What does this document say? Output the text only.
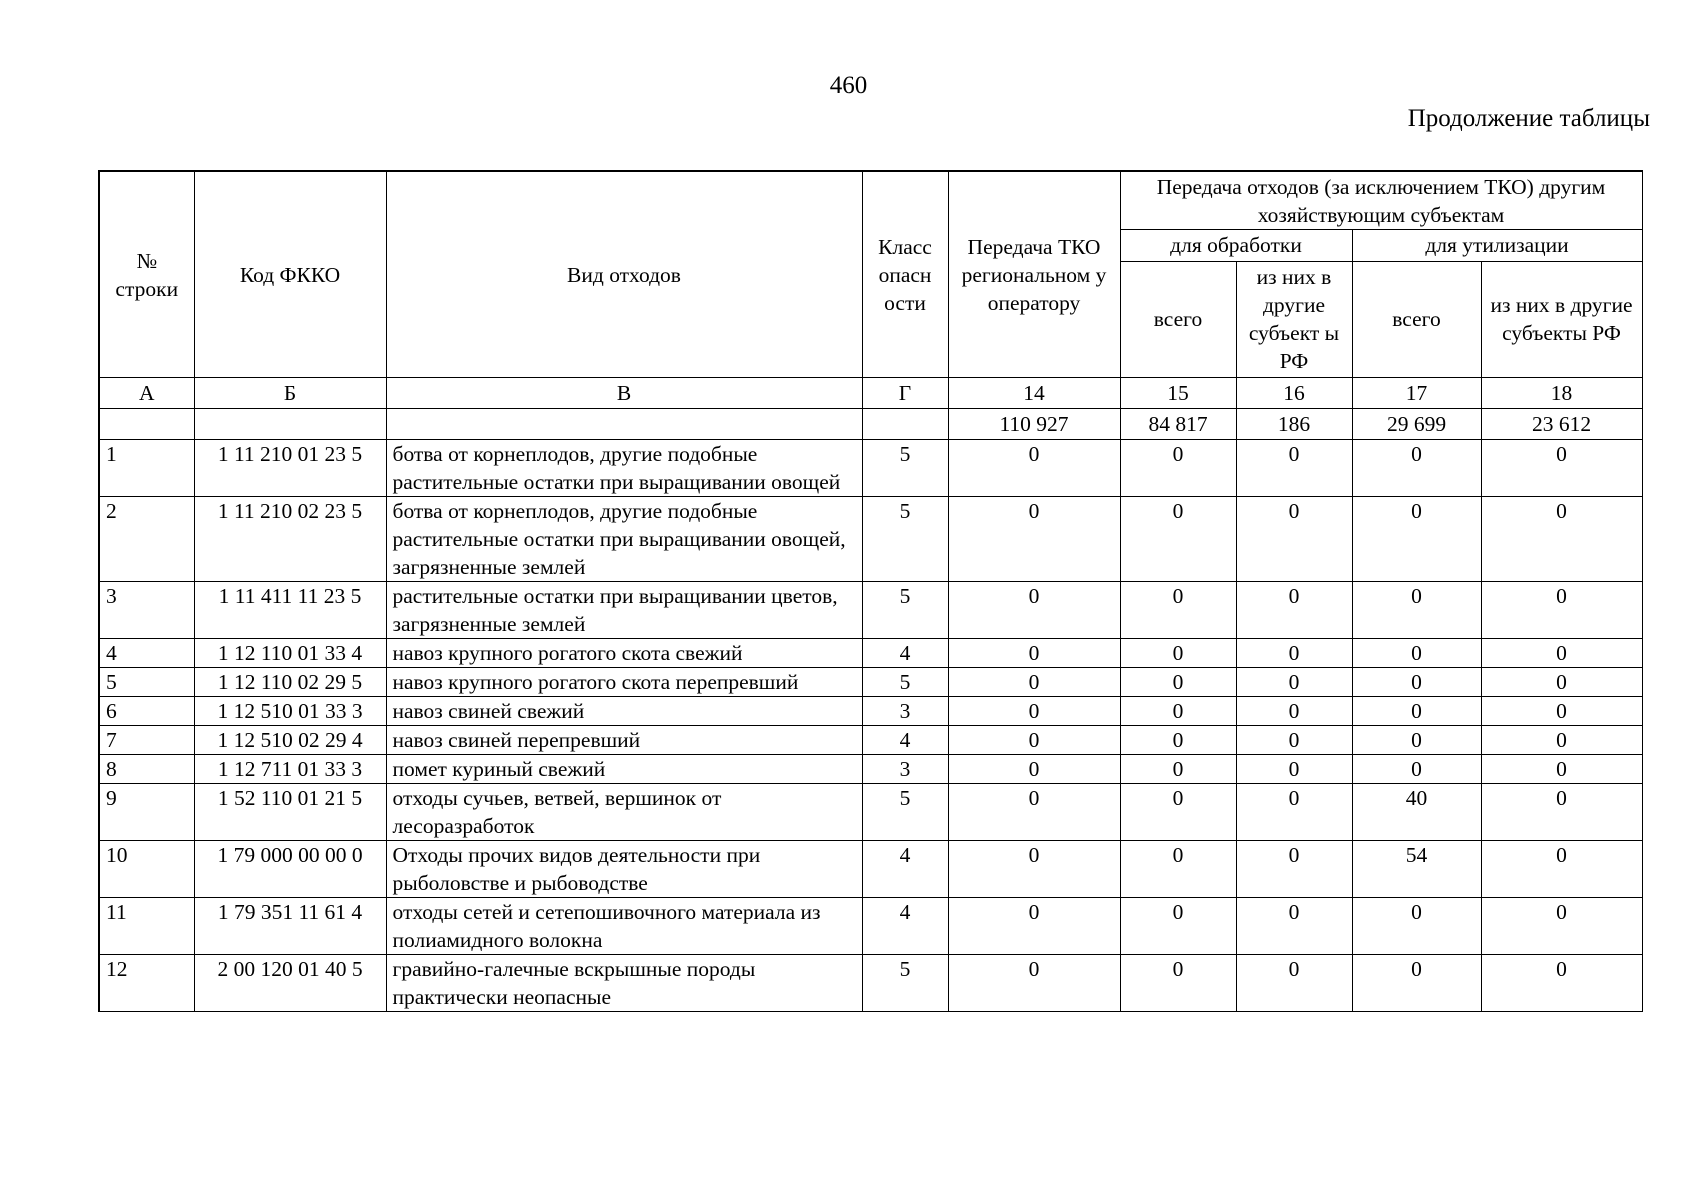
460
Продолжение таблицы
№ строки	Код ФККО	Вид отходов	Класс опасн ости	Передача ТКО региональном у оператору	Передача отходов (за исключением ТКО) другим хозяйствующим субъектам			
					для обработки		для утилизации	
					всего	из них в другие субъект ы РФ	всего	из них в другие субъекты РФ
А	Б	В	Г	14	15	16	17	18
				110 927	84 817	186	29 699	23 612
1	1 11 210 01 23 5	ботва от корнеплодов, другие подобные растительные остатки при выращивании овощей	5	0	0	0	0	0
2	1 11 210 02 23 5	ботва от корнеплодов, другие подобные растительные остатки при выращивании овощей, загрязненные землей	5	0	0	0	0	0
3	1 11 411 11 23 5	растительные остатки при выращивании цветов, загрязненные землей	5	0	0	0	0	0
4	1 12 110 01 33 4	навоз крупного рогатого скота свежий	4	0	0	0	0	0
5	1 12 110 02 29 5	навоз крупного рогатого скота перепревший	5	0	0	0	0	0
6	1 12 510 01 33 3	навоз свиней свежий	3	0	0	0	0	0
7	1 12 510 02 29 4	навоз свиней перепревший	4	0	0	0	0	0
8	1 12 711 01 33 3	помет куриный свежий	3	0	0	0	0	0
9	1 52 110 01 21 5	отходы сучьев, ветвей, вершинок от лесоразработок	5	0	0	0	40	0
10	1 79 000 00 00 0	Отходы прочих видов деятельности при рыболовстве и рыбоводстве	4	0	0	0	54	0
11	1 79 351 11 61 4	отходы сетей и сетепошивочного материала из полиамидного волокна	4	0	0	0	0	0
12	2 00 120 01 40 5	гравийно-галечные вскрышные породы практически неопасные	5	0	0	0	0	0
